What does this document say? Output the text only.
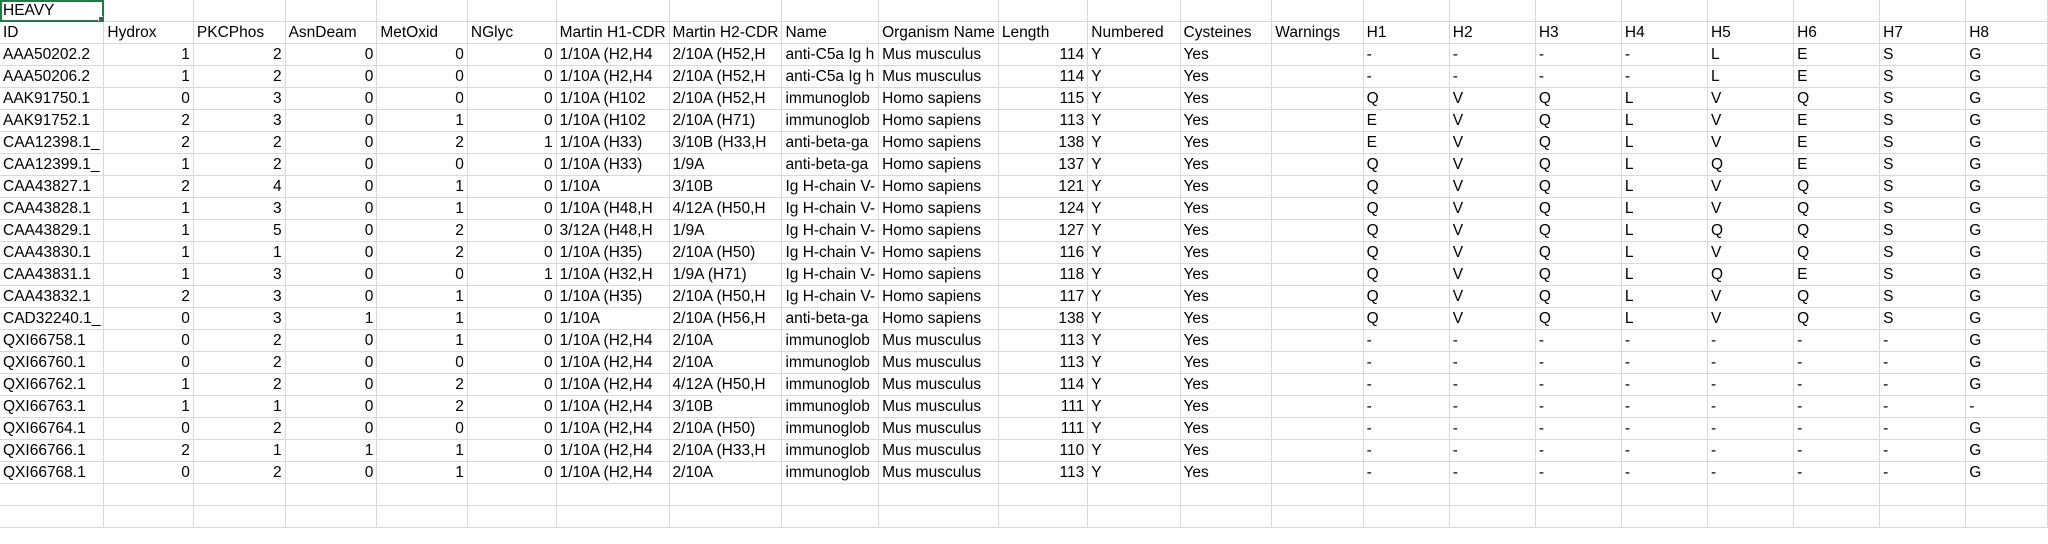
HEAVY																					
ID	Hydrox	PKCPhos	AsnDeam	MetOxid	NGlyc	Martin H1-CDR	Martin H2-CDR	Name	Organism Name	Length	Numbered	Cysteines	Warnings	H1	H2	H3	H4	H5	H6	H7	H8
AAA50202.2	1	2	0	0	0	1/10A (H2,H4	2/10A (H52,H	anti-C5a Ig h	Mus musculus	114	Y	Yes		-	-	-	-	L	E	S	G
AAA50206.2	1	2	0	0	0	1/10A (H2,H4	2/10A (H52,H	anti-C5a Ig h	Mus musculus	114	Y	Yes		-	-	-	-	L	E	S	G
AAK91750.1	0	3	0	0	0	1/10A (H102	2/10A (H52,H	immunoglob	Homo sapiens	115	Y	Yes		Q	V	Q	L	V	Q	S	G
AAK91752.1	2	3	0	1	0	1/10A (H102	2/10A (H71)	immunoglob	Homo sapiens	113	Y	Yes		E	V	Q	L	V	E	S	G
CAA12398.1_	2	2	0	2	1	1/10A (H33)	3/10B (H33,H	anti-beta-ga	Homo sapiens	138	Y	Yes		E	V	Q	L	V	E	S	G
CAA12399.1_	1	2	0	0	0	1/10A (H33)	1/9A	anti-beta-ga	Homo sapiens	137	Y	Yes		Q	V	Q	L	Q	E	S	G
CAA43827.1	2	4	0	1	0	1/10A	3/10B	Ig H-chain V-	Homo sapiens	121	Y	Yes		Q	V	Q	L	V	Q	S	G
CAA43828.1	1	3	0	1	0	1/10A (H48,H	4/12A (H50,H	Ig H-chain V-	Homo sapiens	124	Y	Yes		Q	V	Q	L	V	Q	S	G
CAA43829.1	1	5	0	2	0	3/12A (H48,H	1/9A	Ig H-chain V-	Homo sapiens	127	Y	Yes		Q	V	Q	L	Q	Q	S	G
CAA43830.1	1	1	0	2	0	1/10A (H35)	2/10A (H50)	Ig H-chain V-	Homo sapiens	116	Y	Yes		Q	V	Q	L	V	Q	S	G
CAA43831.1	1	3	0	0	1	1/10A (H32,H	1/9A (H71)	Ig H-chain V-	Homo sapiens	118	Y	Yes		Q	V	Q	L	Q	E	S	G
CAA43832.1	2	3	0	1	0	1/10A (H35)	2/10A (H50,H	Ig H-chain V-	Homo sapiens	117	Y	Yes		Q	V	Q	L	V	Q	S	G
CAD32240.1_	0	3	1	1	0	1/10A	2/10A (H56,H	anti-beta-ga	Homo sapiens	138	Y	Yes		Q	V	Q	L	V	Q	S	G
QXI66758.1	0	2	0	1	0	1/10A (H2,H4	2/10A	immunoglob	Mus musculus	113	Y	Yes		-	-	-	-	-	-	-	G
QXI66760.1	0	2	0	0	0	1/10A (H2,H4	2/10A	immunoglob	Mus musculus	113	Y	Yes		-	-	-	-	-	-	-	G
QXI66762.1	1	2	0	2	0	1/10A (H2,H4	4/12A (H50,H	immunoglob	Mus musculus	114	Y	Yes		-	-	-	-	-	-	-	G
QXI66763.1	1	1	0	2	0	1/10A (H2,H4	3/10B	immunoglob	Mus musculus	111	Y	Yes		-	-	-	-	-	-	-	-
QXI66764.1	0	2	0	0	0	1/10A (H2,H4	2/10A (H50)	immunoglob	Mus musculus	111	Y	Yes		-	-	-	-	-	-	-	G
QXI66766.1	2	1	1	1	0	1/10A (H2,H4	2/10A (H33,H	immunoglob	Mus musculus	110	Y	Yes		-	-	-	-	-	-	-	G
QXI66768.1	0	2	0	1	0	1/10A (H2,H4	2/10A	immunoglob	Mus musculus	113	Y	Yes		-	-	-	-	-	-	-	G
